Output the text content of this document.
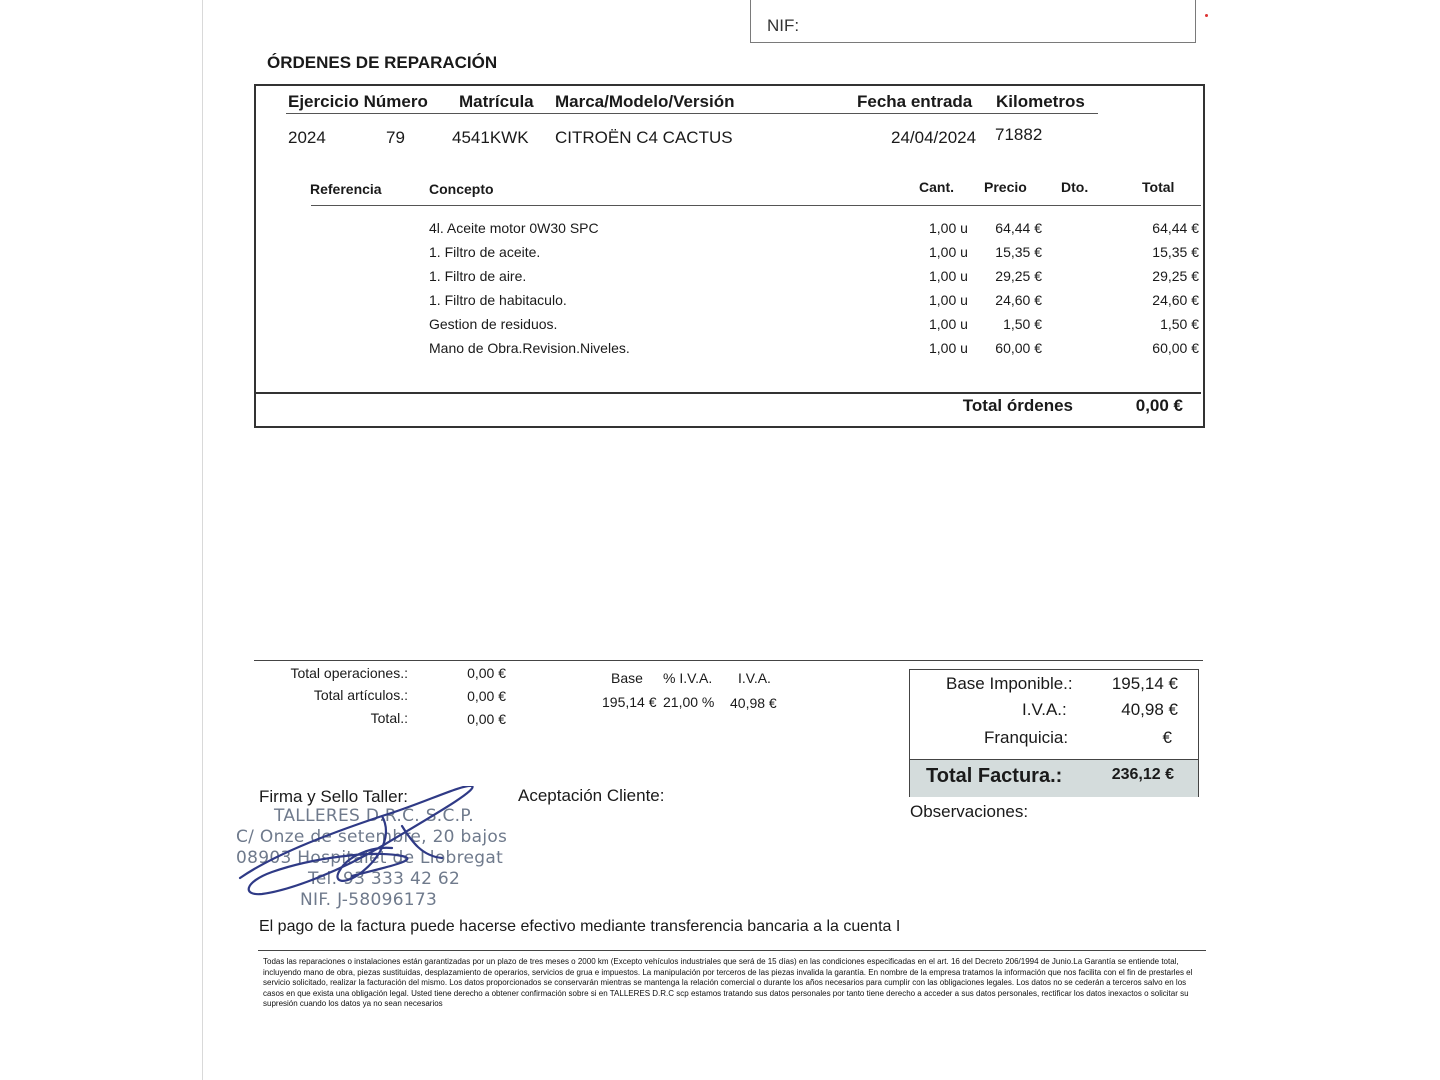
NIF:
ÓRDENES DE REPARACIÓN
Ejercicio Número Matrícula Marca/Modelo/Versión	Fecha entrada Kilometros
2024	79	4541KWK CITROËN C4 CACTUS	24/04/2024 71882
Referencia	Concepto	Cant. Precio Dto.	Total
4l. Aceite motor 0W30 SPC	1,00 u 64,44 €	64,44 €
1. Filtro de aceite.	1,00 u 15,35 €	15,35 €
1. Filtro de aire.	1,00 u 29,25 €	29,25 €
1. Filtro de habitaculo.	1,00 u 24,60 €	24,60 €
Gestion de residuos.	1,00 u	1,50 €	1,50 €
Mano de Obra.Revision.Niveles.	1,00 u 60,00 €	60,00 €
Total órdenes	0,00 €
Total operaciones.:	0,00 €
Total artículos.:	0,00 €
Total.:	0,00 €
Base % I.V.A. I.V.A.
195,14 € 21,00 % 40,98 €
Base Imponible.: 195,14 €
I.V.A.:	40,98 €
Franquicia:	€
Total Factura.:	236,12 €
Firma y Sello Taller:	Aceptación Cliente:
Observaciones:
TALLERES D.R.C. S.C.P.
C/ Onze de setembre, 20 bajos
08903 Hospitalet de Llobregat
Tel. 93 333 42 62
NIF. J-58096173
El pago de la factura puede hacerse efectivo mediante transferencia bancaria a la cuenta I
Todas las reparaciones o instalaciones están garantizadas por un plazo de tres meses o 2000 km (Excepto vehículos industriales que será de 15 días) en las condiciones especificadas en el art. 16 del Decreto 206/1994 de Junio.La Garantía se entiende total, incluyendo mano de obra, piezas sustituidas, desplazamiento de operarios, servicios de grua e impuestos. La manipulación por terceros de las piezas invalida la garantía. En nombre de la empresa tratamos la información que nos facilita con el fin de prestarles el servicio solicitado, realizar la facturación del mismo. Los datos proporcionados se conservarán mientras se mantenga la relación comercial o durante los años necesarios para cumplir con las obligaciones legales. Los datos no se cederán a terceros salvo en los casos en que exista una obligación legal. Usted tiene derecho a obtener confirmación sobre si en TALLERES D.R.C scp estamos tratando sus datos personales por tanto tiene derecho a acceder a sus datos personales, rectificar los datos inexactos o solicitar su supresión cuando los datos ya no sean necesarios
